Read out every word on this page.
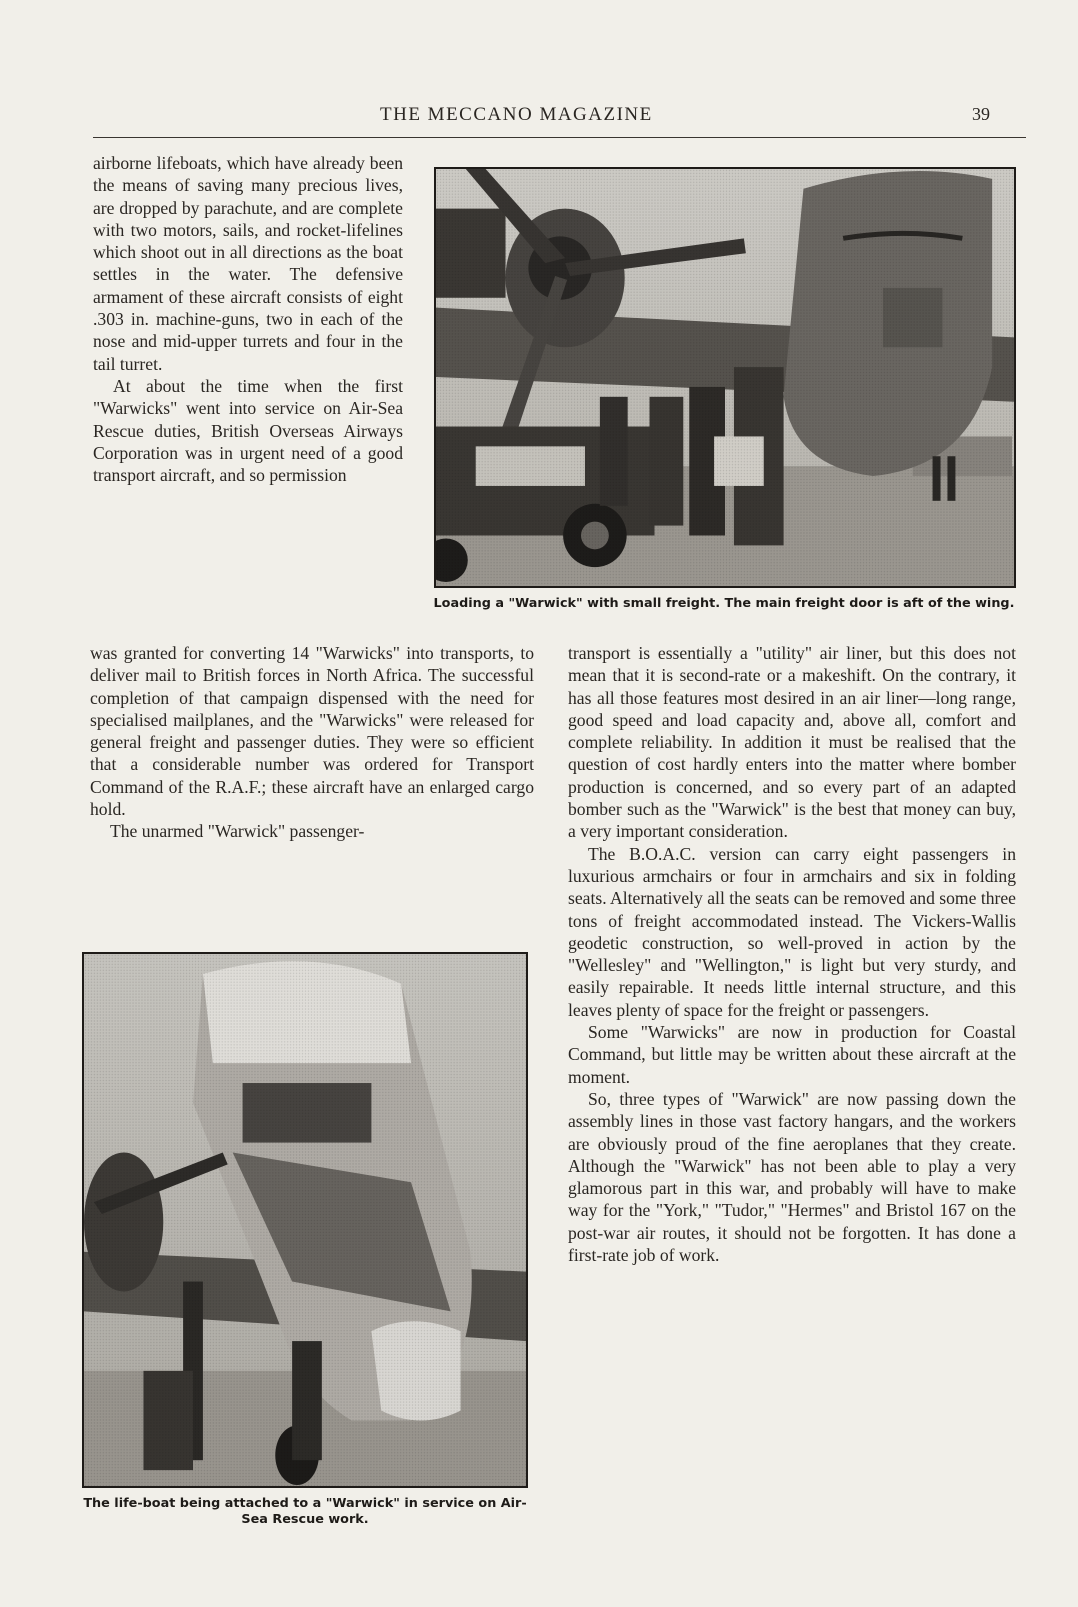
THE MECCANO MAGAZINE	39

airborne lifeboats, which have already been the means of saving many precious lives, are dropped by parachute, and are complete with two motors, sails, and rocket-lifelines which shoot out in all directions as the boat settles in the water. The defensive armament of these aircraft consists of eight .303 in. machine-guns, two in each of the nose and mid-upper turrets and four in the tail turret.

At about the time when the first "Warwicks" went into service on Air-Sea Rescue duties, British Overseas Airways Corporation was in urgent need of a good transport aircraft, and so permission

Loading a "Warwick" with small freight. The main freight door is aft of the wing.

was granted for converting 14 "Warwicks" into transports, to deliver mail to British forces in North Africa. The successful completion of that campaign dispensed with the need for specialised mailplanes, and the "Warwicks" were released for general freight and passenger duties. They were so efficient that a considerable number was ordered for Transport Command of the R.A.F.; these aircraft have an enlarged cargo hold.

The unarmed "Warwick" passenger-

The life-boat being attached to a "Warwick" in service on Air-Sea Rescue work.

transport is essentially a "utility" air liner, but this does not mean that it is second-rate or a makeshift. On the contrary, it has all those features most desired in an air liner—long range, good speed and load capacity and, above all, comfort and complete reliability. In addition it must be realised that the question of cost hardly enters into the matter where bomber production is concerned, and so every part of an adapted bomber such as the "Warwick" is the best that money can buy, a very important consideration.

The B.O.A.C. version can carry eight passengers in luxurious armchairs or four in armchairs and six in folding seats. Alternatively all the seats can be removed and some three tons of freight accommodated instead. The Vickers-Wallis geodetic construction, so well-proved in action by the "Wellesley" and "Wellington," is light but very sturdy, and easily repairable. It needs little internal structure, and this leaves plenty of space for the freight or passengers.

Some "Warwicks" are now in production for Coastal Command, but little may be written about these aircraft at the moment.

So, three types of "Warwick" are now passing down the assembly lines in those vast factory hangars, and the workers are obviously proud of the fine aeroplanes that they create. Although the "Warwick" has not been able to play a very glamorous part in this war, and probably will have to make way for the "York," "Tudor," "Hermes" and Bristol 167 on the post-war air routes, it should not be forgotten. It has done a first-rate job of work.
